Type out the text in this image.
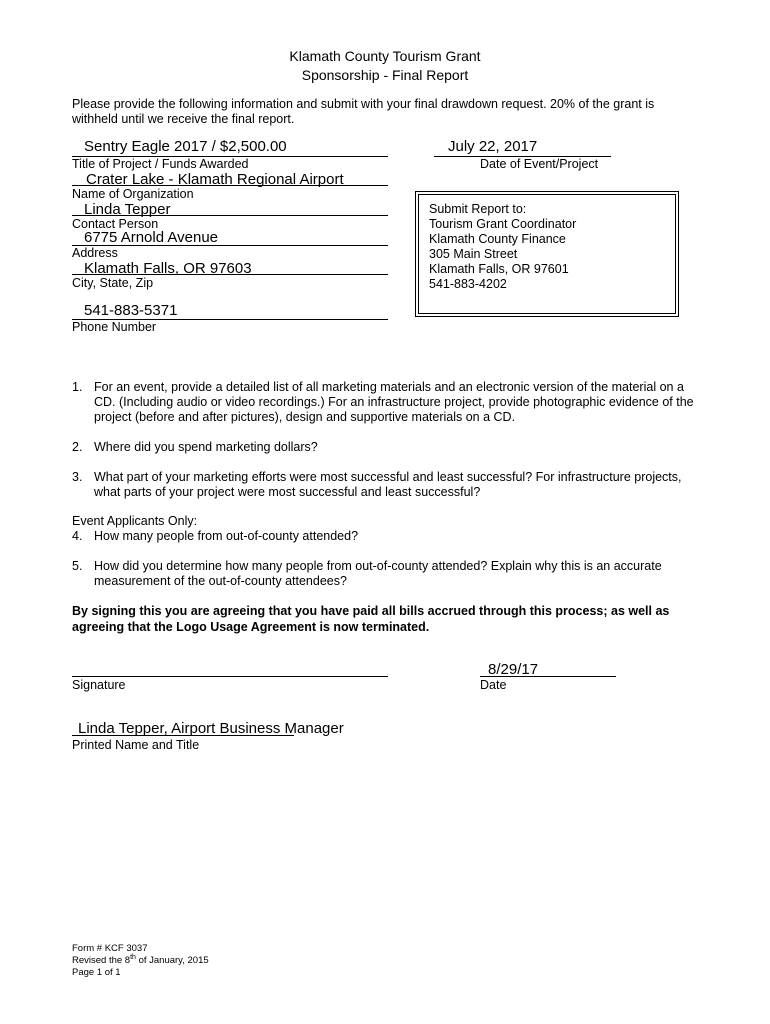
Klamath County Tourism Grant
Sponsorship - Final Report
Please provide the following information and submit with your final drawdown request. 20% of the grant is withheld until we receive the final report.
Sentry Eagle 2017 / $2,500.00
Title of Project / Funds Awarded
July 22, 2017
Date of Event/Project
Crater Lake - Klamath Regional Airport
Name of Organization
Linda Tepper
Contact Person
6775 Arnold Avenue
Address
Klamath Falls, OR 97603
City, State, Zip
541-883-5371
Phone Number
Submit Report to:
Tourism Grant Coordinator
Klamath County Finance
305 Main Street
Klamath Falls, OR 97601
541-883-4202
1. For an event, provide a detailed list of all marketing materials and an electronic version of the material on a CD. (Including audio or video recordings.) For an infrastructure project, provide photographic evidence of the project (before and after pictures), design and supportive materials on a CD.
2. Where did you spend marketing dollars?
3. What part of your marketing efforts were most successful and least successful? For infrastructure projects, what parts of your project were most successful and least successful?
Event Applicants Only:
4. How many people from out-of-county attended?
5. How did you determine how many people from out-of-county attended? Explain why this is an accurate measurement of the out-of-county attendees?
By signing this you are agreeing that you have paid all bills accrued through this process; as well as agreeing that the Logo Usage Agreement is now terminated.
Signature
8/29/17
Date
Linda Tepper, Airport Business Manager
Printed Name and Title
Form # KCF 3037
Revised the 8th of January, 2015
Page 1 of 1
